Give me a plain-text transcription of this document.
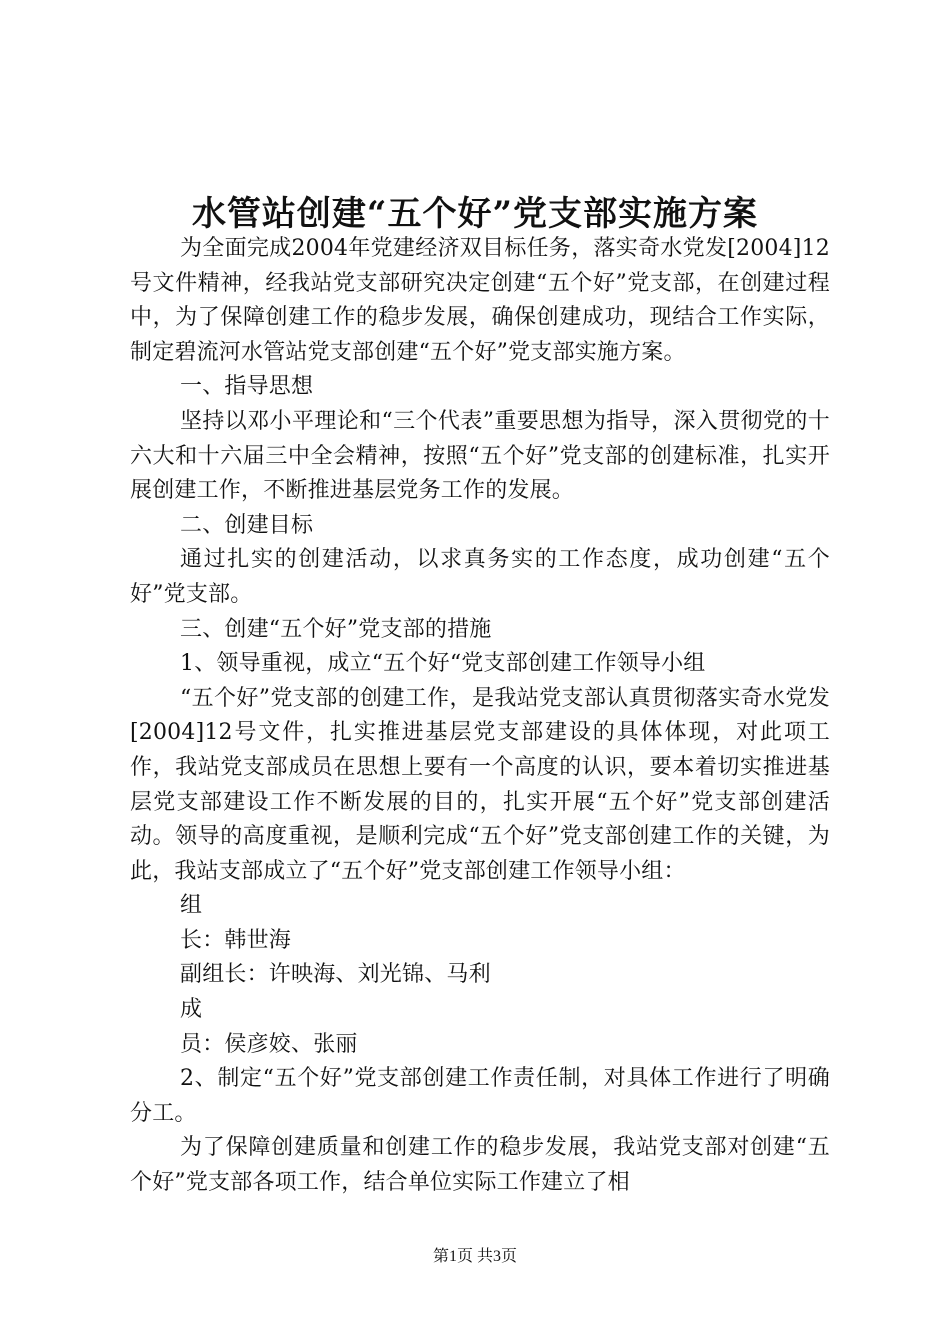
水管站创建“五个好”党支部实施方案

为全面完成2004年党建经济双目标任务，落实奇水党发[2004]12号文件精神，经我站党支部研究决定创建“五个好”党支部，在创建过程中，为了保障创建工作的稳步发展，确保创建成功，现结合工作实际，制定碧流河水管站党支部创建“五个好”党支部实施方案。

一、指导思想

坚持以邓小平理论和“三个代表”重要思想为指导，深入贯彻党的十六大和十六届三中全会精神，按照“五个好”党支部的创建标准，扎实开展创建工作，不断推进基层党务工作的发展。

二、创建目标

通过扎实的创建活动，以求真务实的工作态度，成功创建“五个好”党支部。

三、创建“五个好”党支部的措施

1、领导重视，成立“五个好“党支部创建工作领导小组

“五个好”党支部的创建工作，是我站党支部认真贯彻落实奇水党发[2004]12号文件，扎实推进基层党支部建设的具体体现，对此项工作，我站党支部成员在思想上要有一个高度的认识，要本着切实推进基层党支部建设工作不断发展的目的，扎实开展“五个好”党支部创建活动。领导的高度重视，是顺利完成“五个好”党支部创建工作的关键，为此，我站支部成立了“五个好”党支部创建工作领导小组：

组

长：韩世海

副组长：许映海、刘光锦、马利

成

员：侯彦姣、张丽

2、制定“五个好”党支部创建工作责任制，对具体工作进行了明确分工。

为了保障创建质量和创建工作的稳步发展，我站党支部对创建“五个好”党支部各项工作，结合单位实际工作建立了相

第1页 共3页
